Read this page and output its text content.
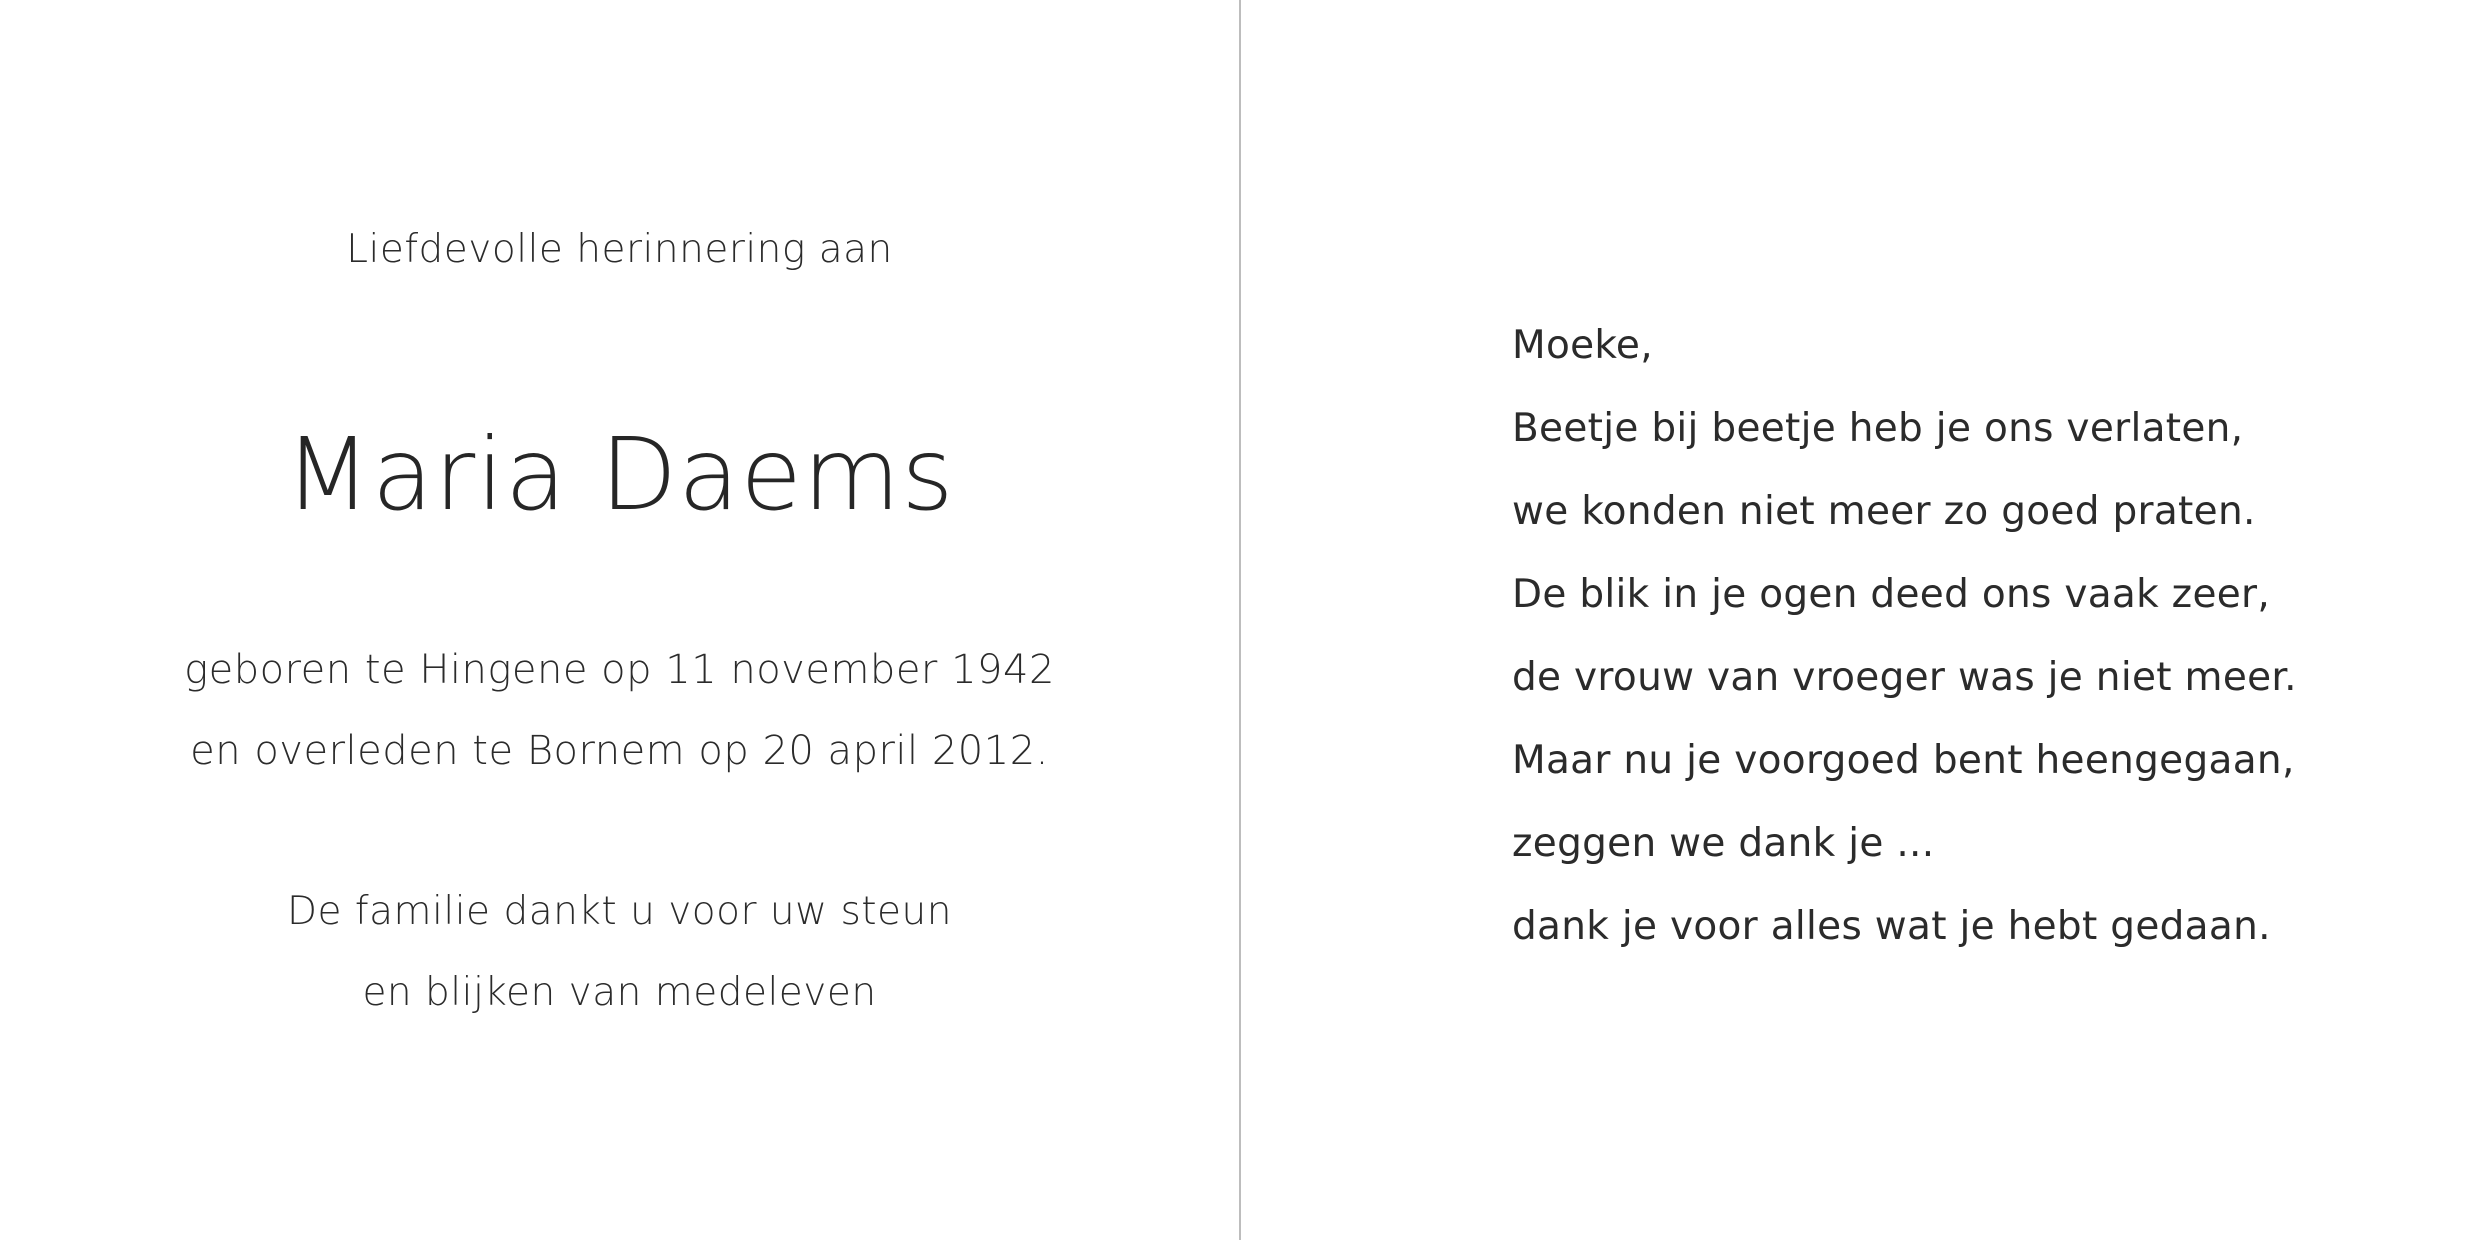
Liefdevolle herinnering aan
Maria Daems
geboren te Hingene op 11 november 1942
en overleden te Bornem op 20 april 2012.
De familie dankt u voor uw steun
en blijken van medeleven
Moeke,
Beetje bij beetje heb je ons verlaten,
we konden niet meer zo goed praten.
De blik in je ogen deed ons vaak zeer,
de vrouw van vroeger was je niet meer.
Maar nu je voorgoed bent heengegaan,
zeggen we dank je ...
dank je voor alles wat je hebt gedaan.
